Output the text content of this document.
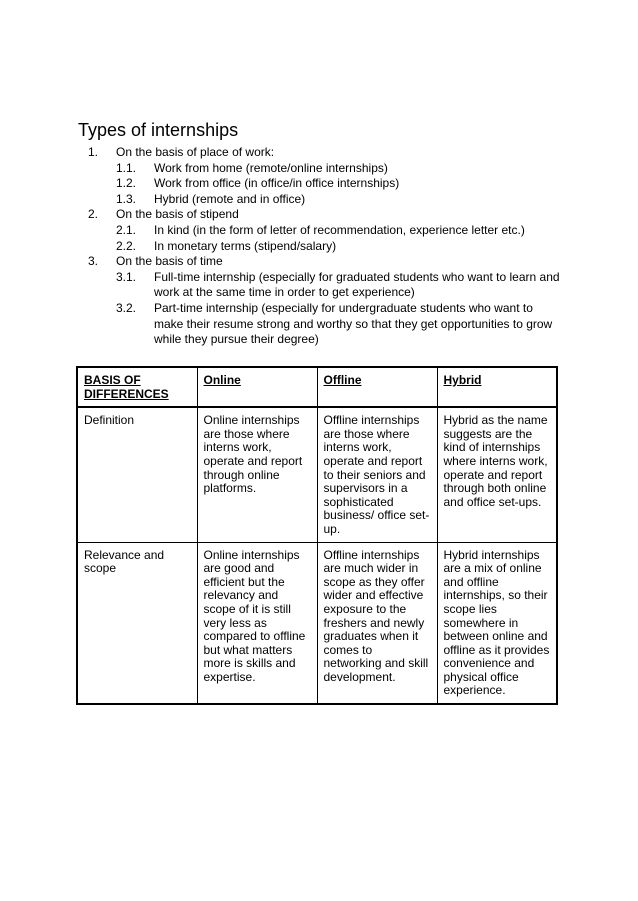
Types of internships
1. On the basis of place of work:
1.1. Work from home (remote/online internships)
1.2. Work from office (in office/in office internships)
1.3. Hybrid (remote and in office)
2. On the basis of stipend
2.1. In kind (in the form of letter of recommendation, experience letter etc.)
2.2. In monetary terms (stipend/salary)
3. On the basis of time
3.1. Full-time internship (especially for graduated students who want to learn and work at the same time in order to get experience)
3.2. Part-time internship (especially for undergraduate students who want to make their resume strong and worthy so that they get opportunities to grow while they pursue their degree)
BASIS OF DIFFERENCES	Online	Offline	Hybrid
Definition	Online internships are those where interns work, operate and report through online platforms.	Offline internships are those where interns work, operate and report to their seniors and supervisors in a sophisticated business/ office set-up.	Hybrid as the name suggests are the kind of internships where interns work, operate and report through both online and office set-ups.
Relevance and scope	Online internships are good and efficient but the relevancy and scope of it is still very less as compared to offline but what matters more is skills and expertise.	Offline internships are much wider in scope as they offer wider and effective exposure to the freshers and newly graduates when it comes to networking and skill development.	Hybrid internships are a mix of online and offline internships, so their scope lies somewhere in between online and offline as it provides convenience and physical office experience.
